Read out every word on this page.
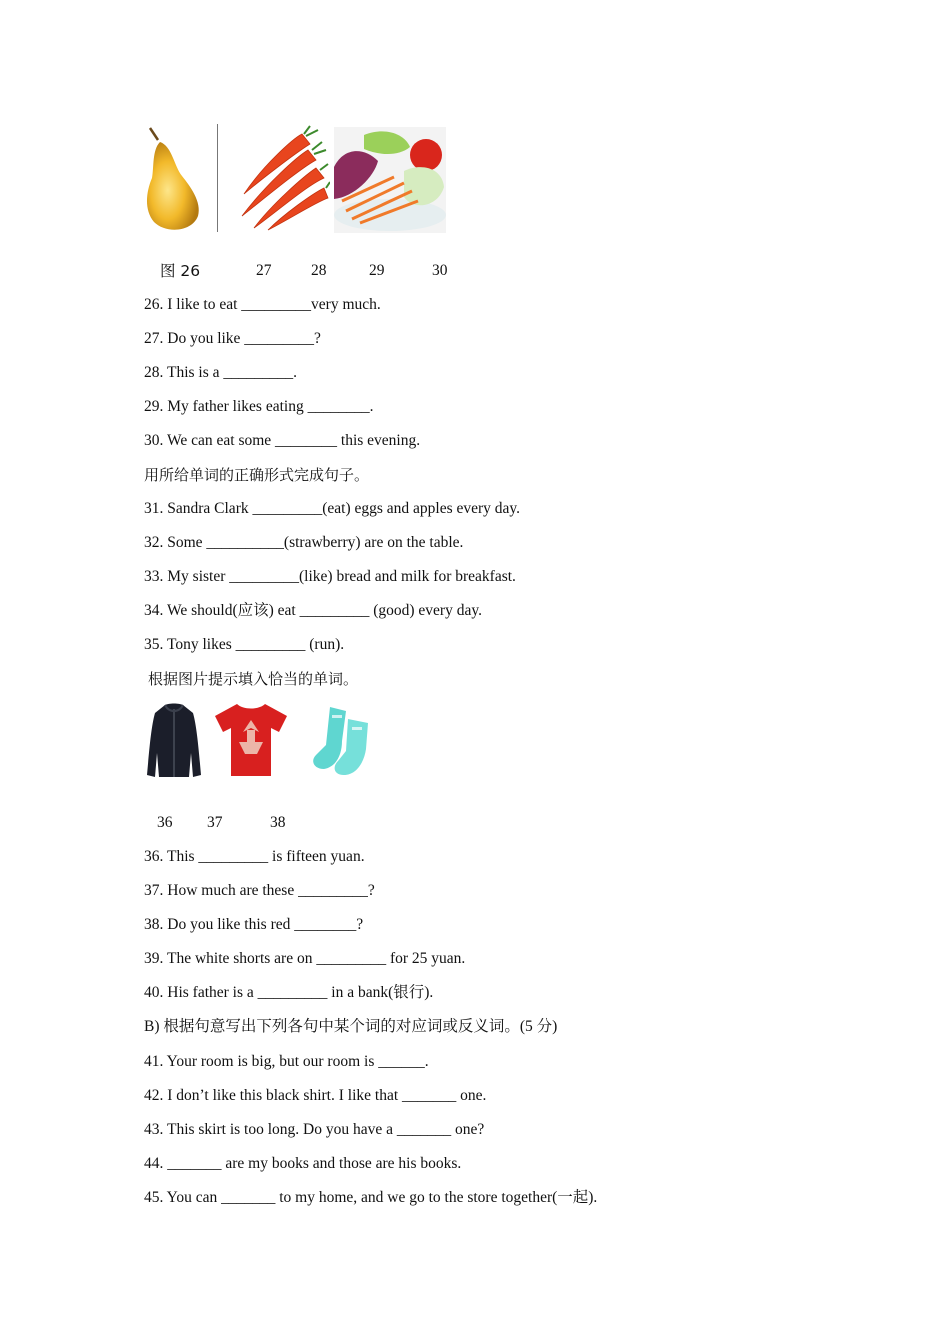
图 26	27	28	29	30
26. I like to eat _________very much.
27. Do you like _________?
28. This is a _________.
29. My father likes eating ________.
30. We can eat some ________ this evening.
用所给单词的正确形式完成句子。
31. Sandra Clark _________(eat) eggs and apples every day.
32. Some __________(strawberry) are on the table.
33. My sister _________(like) bread and milk for breakfast.
34. We should(应该) eat _________ (good) every day.
35. Tony likes _________ (run).
根据图片提示填入恰当的单词。
36 37	38
36. This _________ is fifteen yuan.
37. How much are these _________?
38. Do you like this red ________?
39. The white shorts are on _________ for 25 yuan.
40. His father is a _________ in a bank(银行).
B) 根据句意写出下列各句中某个词的对应词或反义词。(5 分)
41. Your room is big, but our room is ______.
42. I don’t like this black shirt. I like that _______ one.
43. This skirt is too long. Do you have a _______ one?
44. _______ are my books and those are his books.
45. You can _______ to my home, and we go to the store together(一起).
